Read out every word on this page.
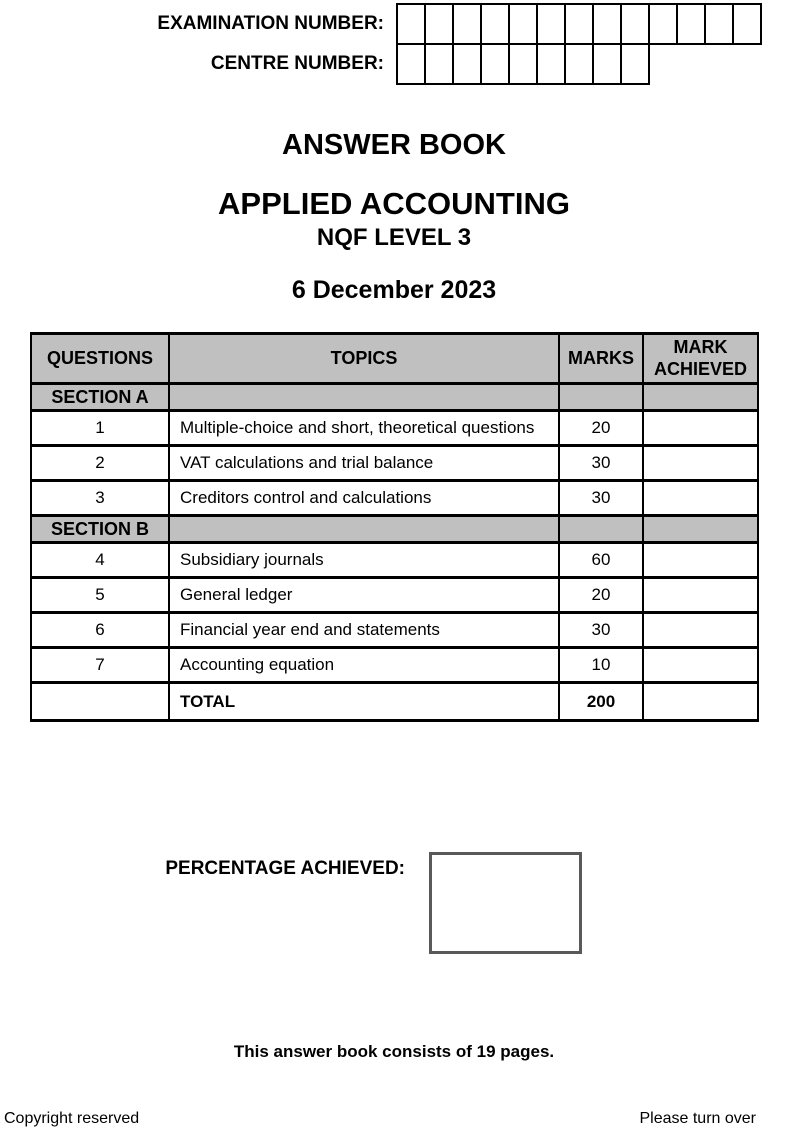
EXAMINATION NUMBER:
CENTRE NUMBER:
ANSWER BOOK
APPLIED ACCOUNTING
NQF LEVEL 3
6 December 2023
QUESTIONS	TOPICS	MARKS	MARK ACHIEVED
SECTION A			
1	Multiple-choice and short, theoretical questions	20	
2	VAT calculations and trial balance	30	
3	Creditors control and calculations	30	
SECTION B			
4	Subsidiary journals	60	
5	General ledger	20	
6	Financial year end and statements	30	
7	Accounting equation	10	
	TOTAL	200	
PERCENTAGE ACHIEVED:
This answer book consists of 19 pages.
Copyright reserved	Please turn over
